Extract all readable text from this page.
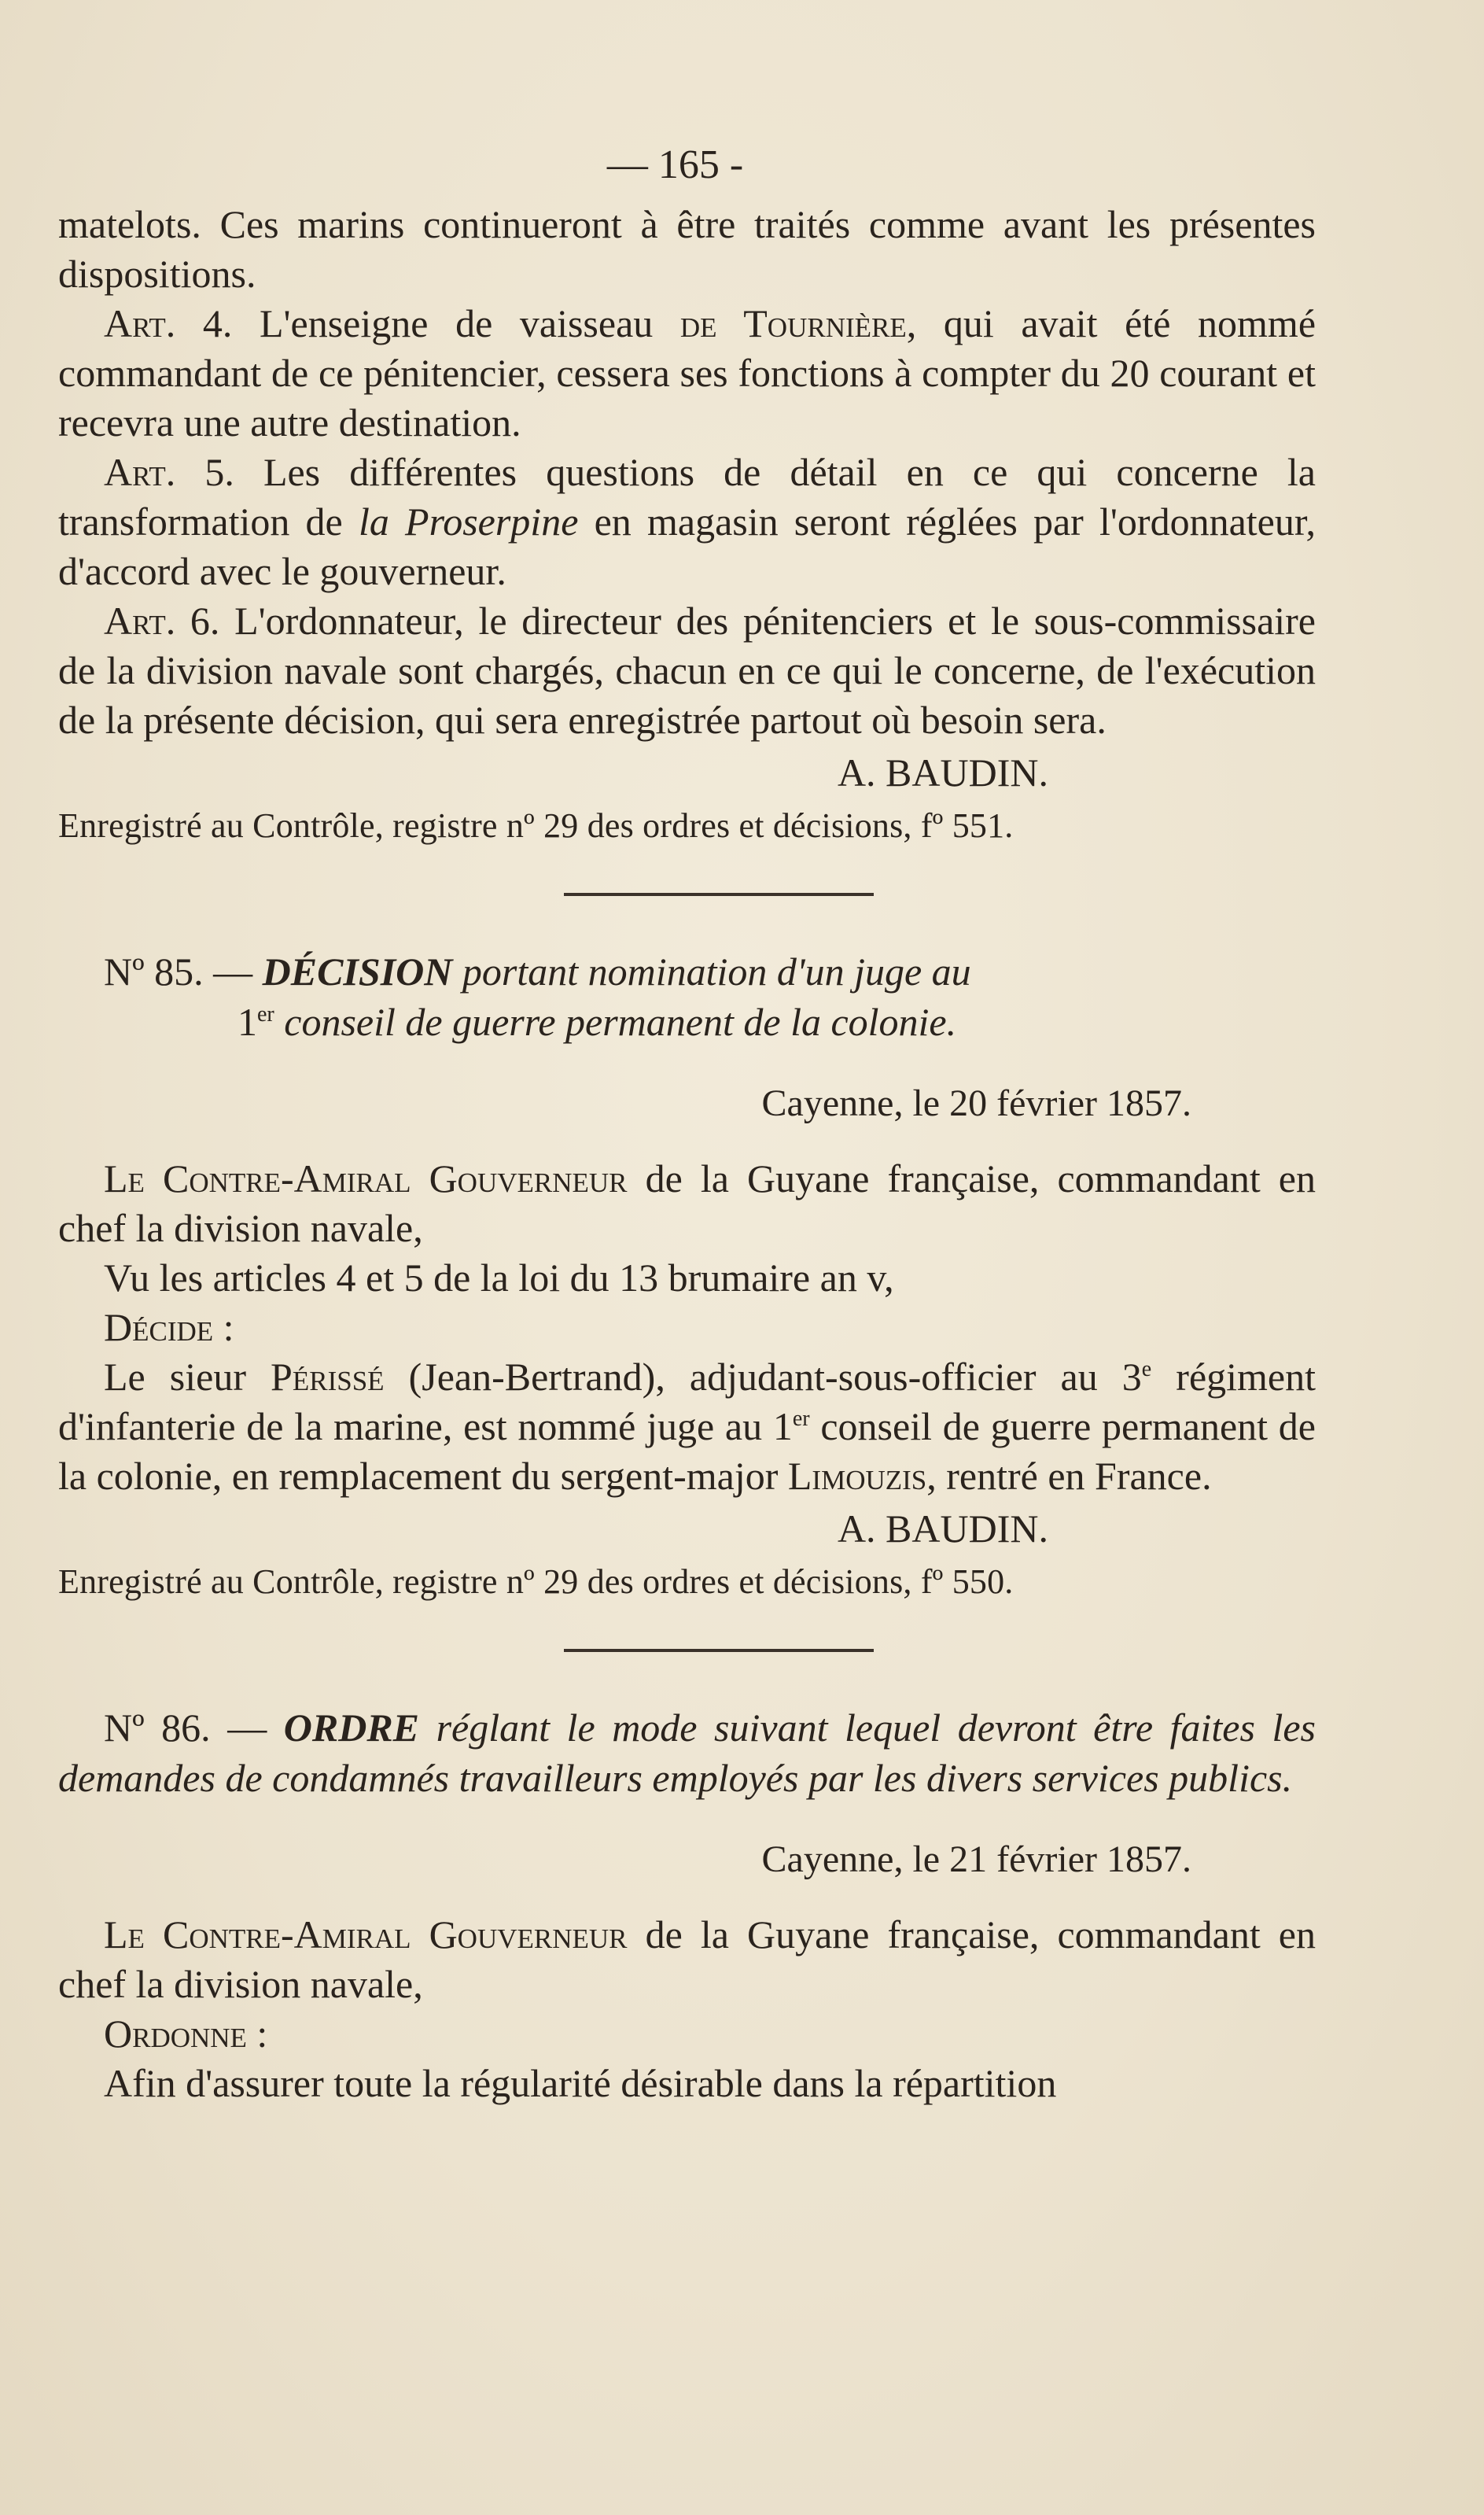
— 165 -

matelots. Ces marins continueront à être traités comme avant les présentes dispositions.

Art. 4. L'enseigne de vaisseau de Tournière, qui avait été nommé commandant de ce pénitencier, cessera ses fonctions à compter du 20 courant et recevra une autre destination.

Art. 5. Les différentes questions de détail en ce qui concerne la transformation de la Proserpine en magasin seront réglées par l'ordonnateur, d'accord avec le gouverneur.

Art. 6. L'ordonnateur, le directeur des pénitenciers et le sous-commissaire de la division navale sont chargés, chacun en ce qui le concerne, de l'exécution de la présente décision, qui sera enregistrée partout où besoin sera.

A. BAUDIN.

Enregistré au Contrôle, registre nº 29 des ordres et décisions, fº 551.

Nº 85. — DÉCISION portant nomination d'un juge au
1er conseil de guerre permanent de la colonie.

Cayenne, le 20 février 1857.

Le Contre-Amiral Gouverneur de la Guyane française, commandant en chef la division navale,

Vu les articles 4 et 5 de la loi du 13 brumaire an v,

Décide :

Le sieur Périssé (Jean-Bertrand), adjudant-sous-officier au 3e régiment d'infanterie de la marine, est nommé juge au 1er conseil de guerre permanent de la colonie, en remplacement du sergent-major Limouzis, rentré en France.

A. BAUDIN.

Enregistré au Contrôle, registre nº 29 des ordres et décisions, fº 550.

Nº 86. — ORDRE réglant le mode suivant lequel devront être faites les demandes de condamnés travailleurs employés par les divers services publics.

Cayenne, le 21 février 1857.

Le Contre-Amiral Gouverneur de la Guyane française, commandant en chef la division navale,

Ordonne :

Afin d'assurer toute la régularité désirable dans la répartition
